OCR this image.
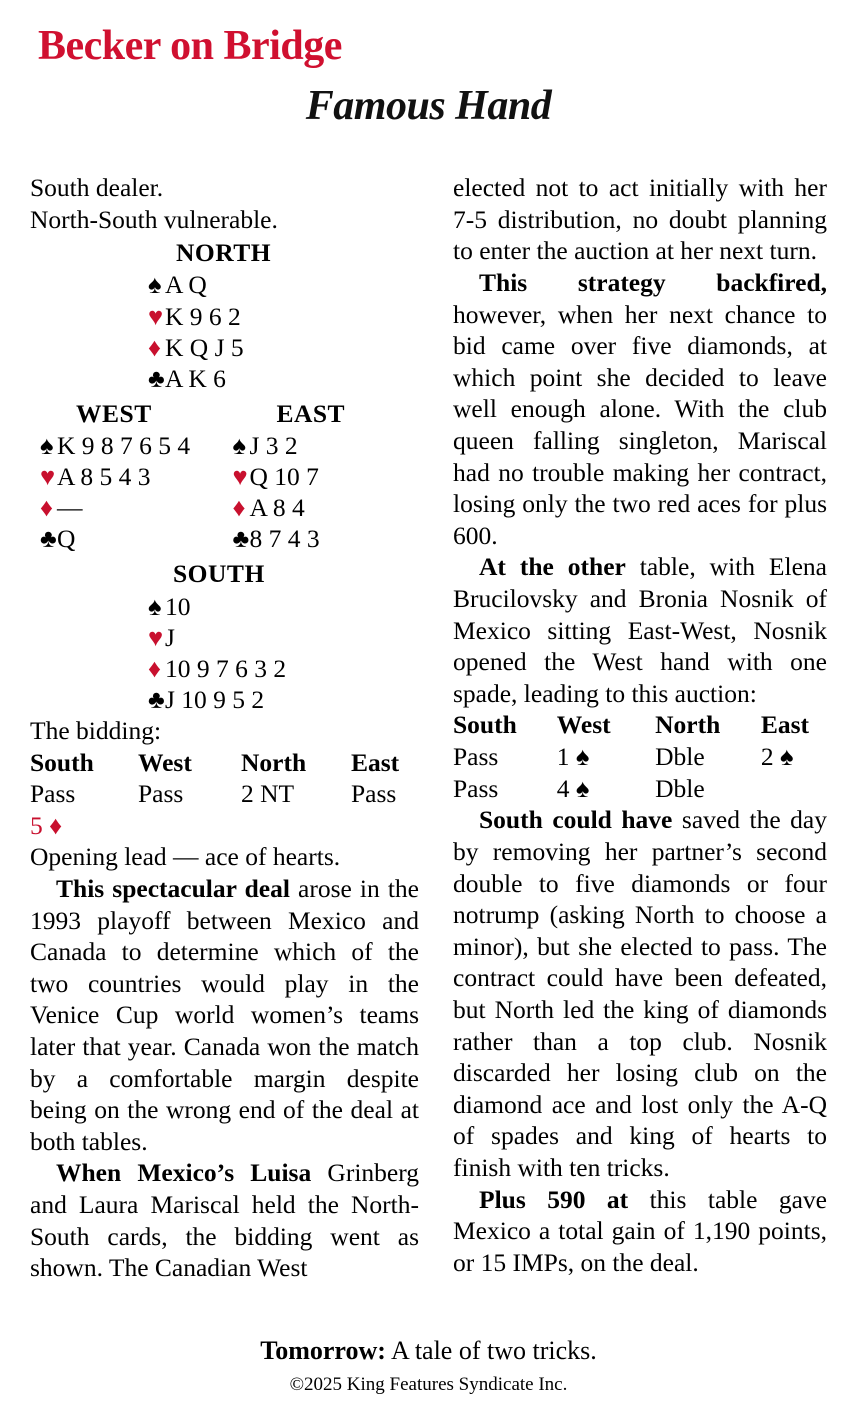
Becker on Bridge
Famous Hand

South dealer.

North-South vulnerable.

NORTH
♠ A Q
♥K 9 6 2
♦ K Q J 5
♣A K 6
WEST
♠ K 9 8 7 6 5 4
♥A 8 5 4 3
♦ —
♣Q
EAST
♠ J 3 2
♥Q 10 7
♦ A 8 4
♣8 7 4 3
SOUTH
♠ 10
♥J
♦ 10 9 7 6 3 2
♣J 10 9 5 2

The bidding:

South	West	North	East
Pass	Pass	2 NT	Pass
5 ♦			

Opening lead — ace of hearts.

This spectacular deal arose in the 1993 playoff between Mexico and Canada to determine which of the two countries would play in the Venice Cup world women’s teams later that year. Canada won the match by a comfortable margin despite being on the wrong end of the deal at both tables.

When Mexico’s Luisa Grinberg and Laura Mariscal held the North-South cards, the bidding went as shown. The Canadian West

elected not to act initially with her 7-5 distribution, no doubt planning to enter the auction at her next turn.

This strategy backfired, however, when her next chance to bid came over five diamonds, at which point she decided to leave well enough alone. With the club queen falling singleton, Mariscal had no trouble making her contract, losing only the two red aces for plus 600.

At the other table, with Elena Brucilovsky and Bronia Nosnik of Mexico sitting East-West, Nosnik opened the West hand with one spade, leading to this auction:

South	West	North	East
Pass	1 ♠	Dble	2 ♠
Pass	4 ♠	Dble	

South could have saved the day by removing her partner’s second double to five diamonds or four notrump (asking North to choose a minor), but she elected to pass. The contract could have been defeated, but North led the king of diamonds rather than a top club. Nosnik discarded her losing club on the diamond ace and lost only the A-Q of spades and king of hearts to finish with ten tricks.

Plus 590 at this table gave Mexico a total gain of 1,190 points, or 15 IMPs, on the deal.

Tomorrow: A tale of two tricks.
©2025 King Features Syndicate Inc.
